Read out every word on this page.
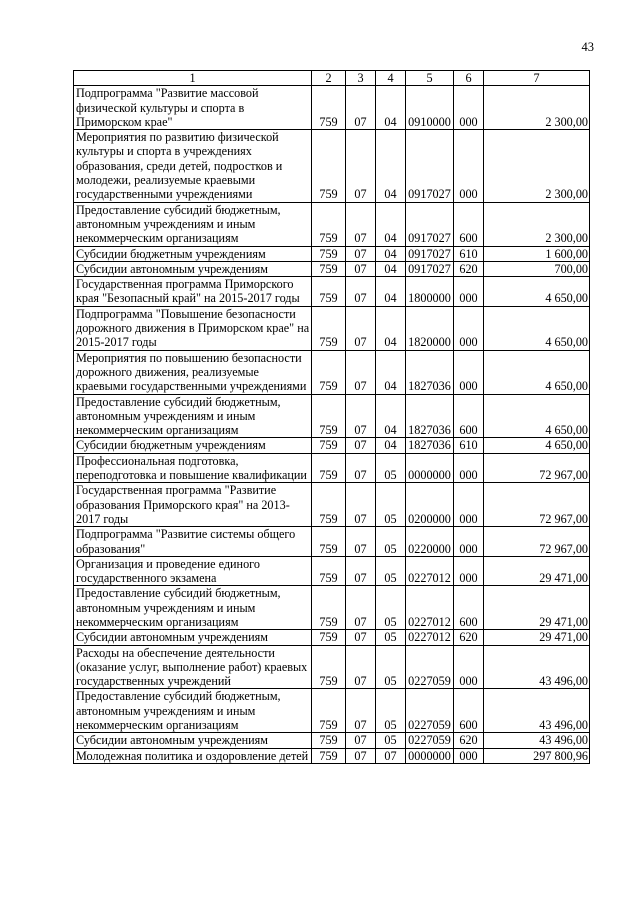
43
1	2	3	4	5	6	7
Подпрограмма "Развитие массовой физической культуры и спорта в Приморском крае"	759	07	04	0910000	000	2 300,00
Мероприятия по развитию физической культуры и спорта в учреждениях образования, среди детей, подростков и молодежи, реализуемые краевыми государственными учреждениями	759	07	04	0917027	000	2 300,00
Предоставление субсидий бюджетным, автономным учреждениям и иным некоммерческим организациям	759	07	04	0917027	600	2 300,00
Субсидии бюджетным учреждениям	759	07	04	0917027	610	1 600,00
Субсидии автономным учреждениям	759	07	04	0917027	620	700,00
Государственная программа Приморского края "Безопасный край" на 2015-2017 годы	759	07	04	1800000	000	4 650,00
Подпрограмма "Повышение безопасности дорожного движения в Приморском крае" на 2015-2017 годы	759	07	04	1820000	000	4 650,00
Мероприятия по повышению безопасности дорожного движения, реализуемые краевыми государственными учреждениями	759	07	04	1827036	000	4 650,00
Предоставление субсидий бюджетным, автономным учреждениям и иным некоммерческим организациям	759	07	04	1827036	600	4 650,00
Субсидии бюджетным учреждениям	759	07	04	1827036	610	4 650,00
Профессиональная подготовка, переподготовка и повышение квалификации	759	07	05	0000000	000	72 967,00
Государственная программа "Развитие образования Приморского края" на 2013-2017 годы	759	07	05	0200000	000	72 967,00
Подпрограмма "Развитие системы общего образования"	759	07	05	0220000	000	72 967,00
Организация и проведение единого государственного экзамена	759	07	05	0227012	000	29 471,00
Предоставление субсидий бюджетным, автономным учреждениям и иным некоммерческим организациям	759	07	05	0227012	600	29 471,00
Субсидии автономным учреждениям	759	07	05	0227012	620	29 471,00
Расходы на обеспечение деятельности (оказание услуг, выполнение работ) краевых государственных учреждений	759	07	05	0227059	000	43 496,00
Предоставление субсидий бюджетным, автономным учреждениям и иным некоммерческим организациям	759	07	05	0227059	600	43 496,00
Субсидии автономным учреждениям	759	07	05	0227059	620	43 496,00
Молодежная политика и оздоровление детей	759	07	07	0000000	000	297 800,96
